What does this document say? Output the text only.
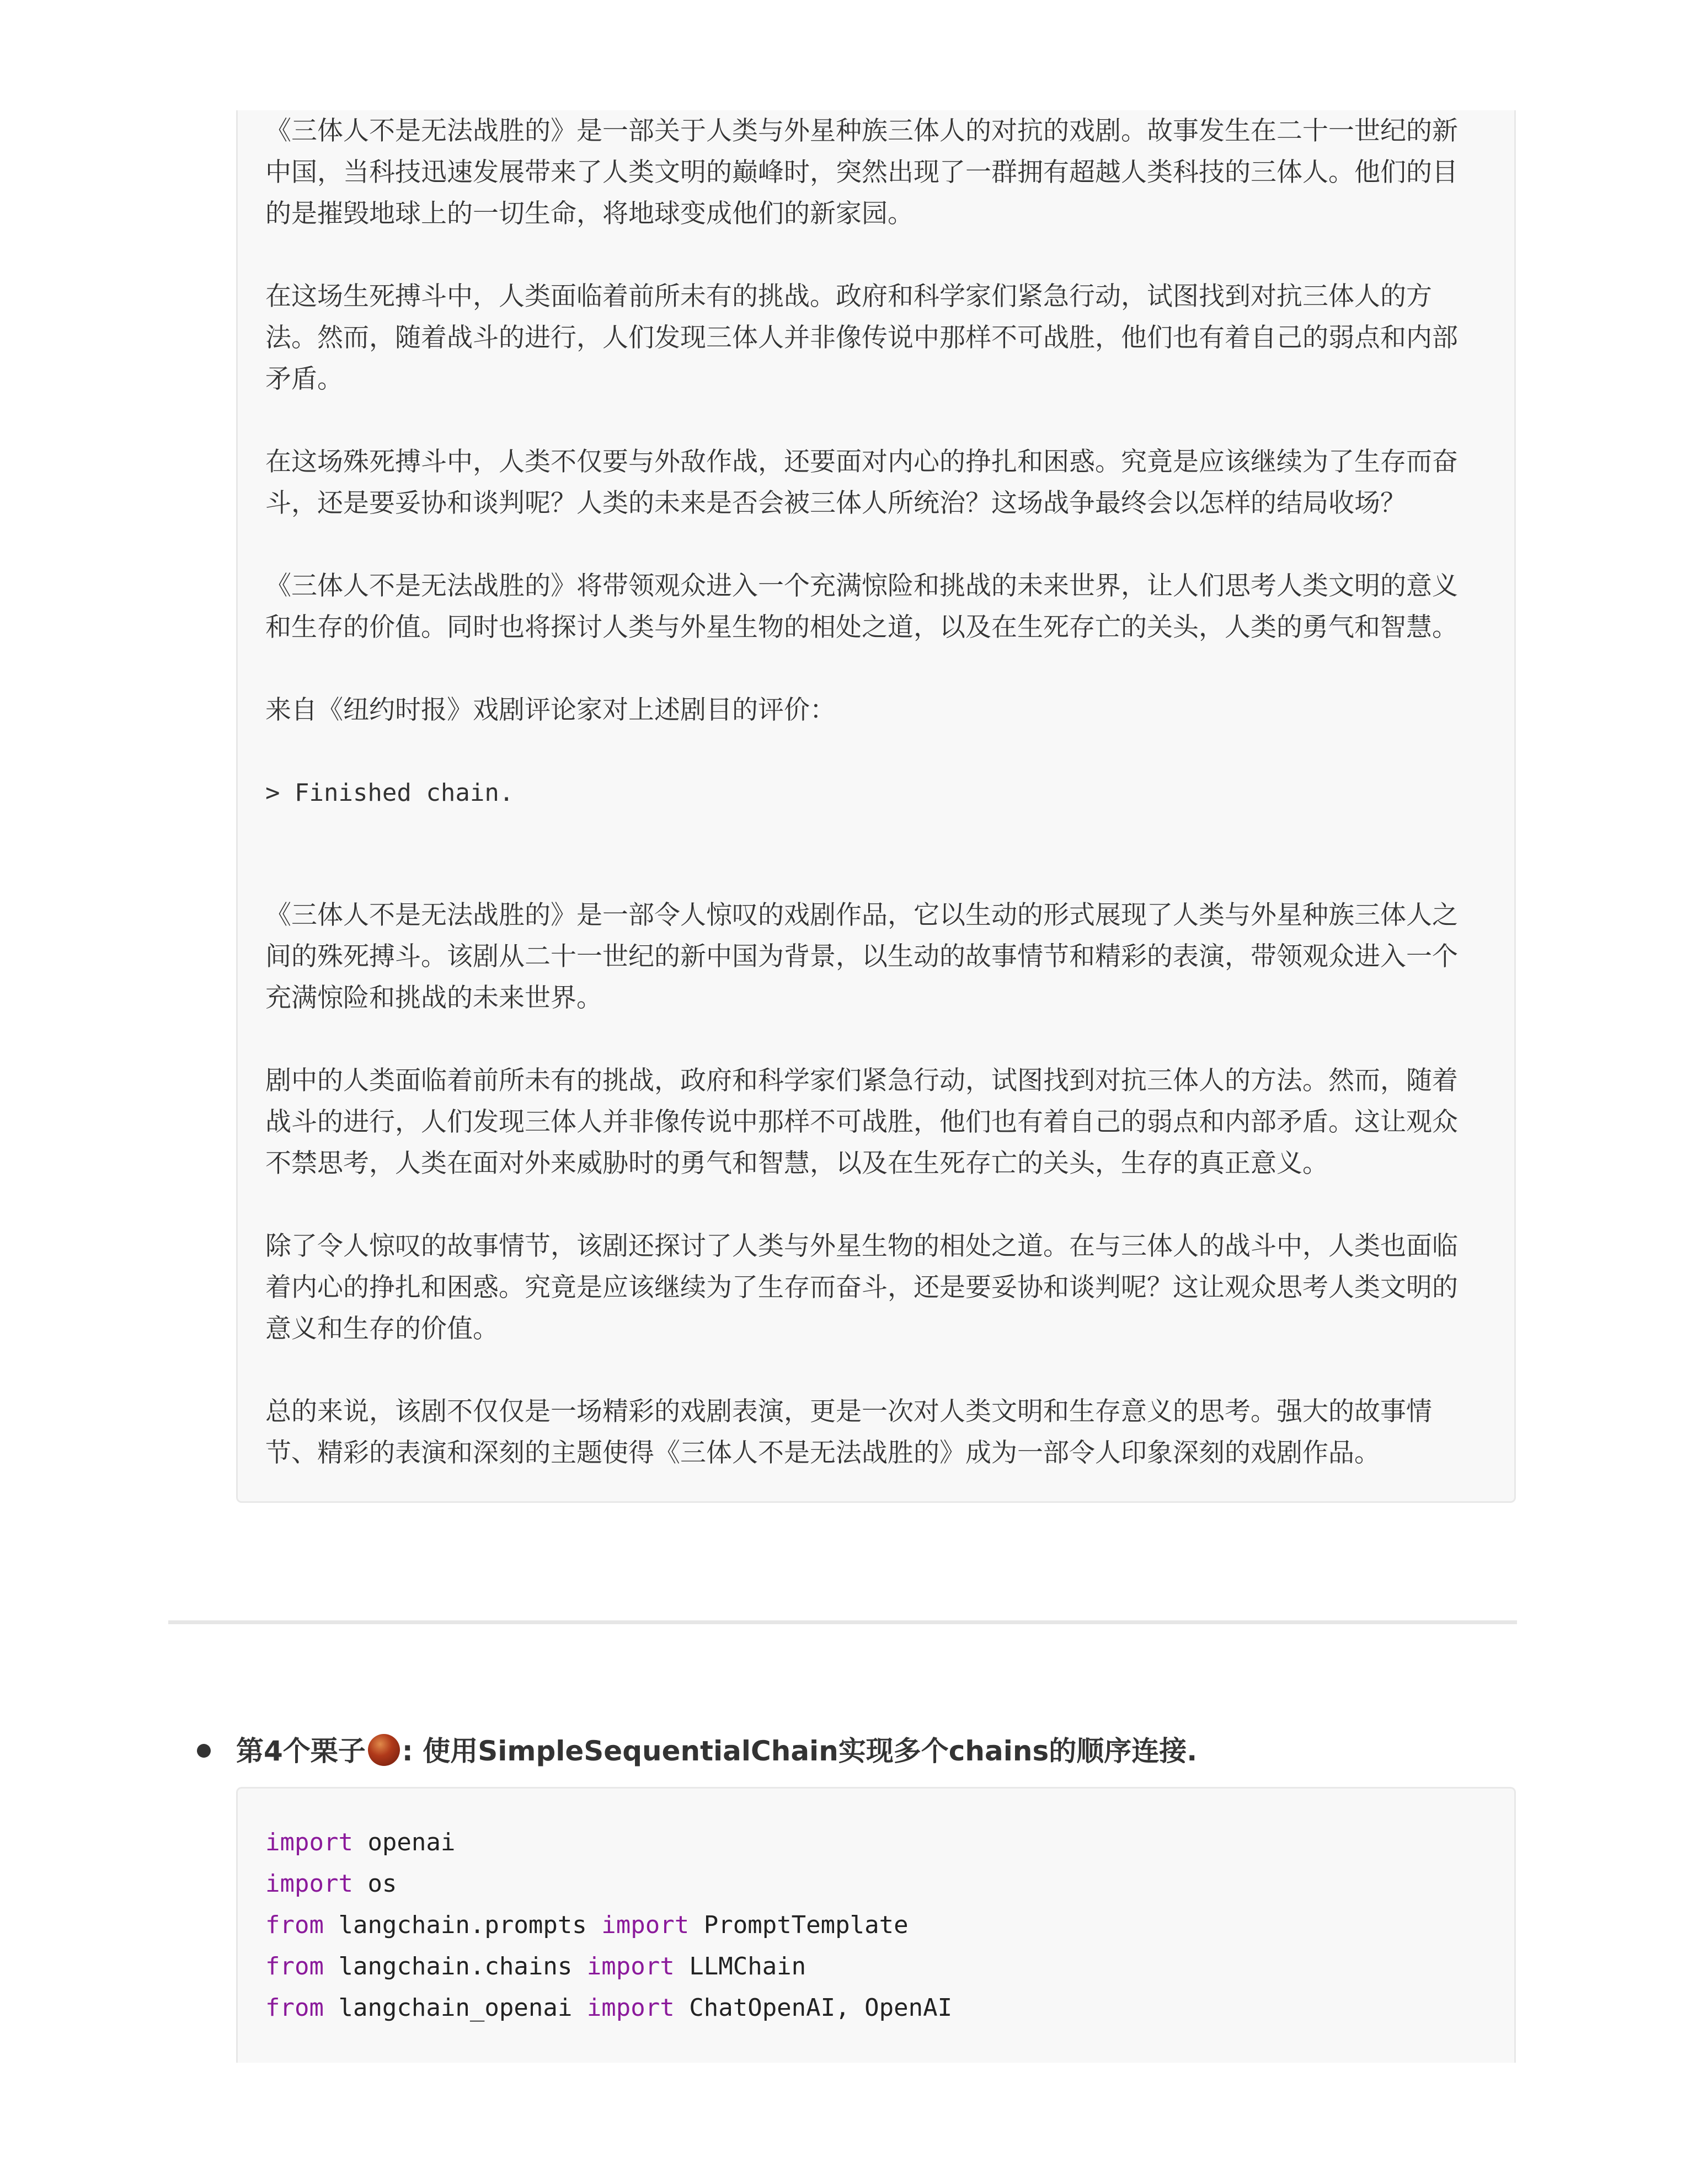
《三体人不是无法战胜的》是一部关于人类与外星种族三体人的对抗的戏剧。故事发生在二十一世纪的新
中国，当科技迅速发展带来了人类文明的巅峰时，突然出现了一群拥有超越人类科技的三体人。他们的目
的是摧毁地球上的一切生命，将地球变成他们的新家园。
在这场生死搏斗中，人类面临着前所未有的挑战。政府和科学家们紧急行动，试图找到对抗三体人的方
法。然而，随着战斗的进行，人们发现三体人并非像传说中那样不可战胜，他们也有着自己的弱点和内部
矛盾。
在这场殊死搏斗中，人类不仅要与外敌作战，还要面对内心的挣扎和困惑。究竟是应该继续为了生存而奋
斗，还是要妥协和谈判呢？人类的未来是否会被三体人所统治？这场战争最终会以怎样的结局收场？
《三体人不是无法战胜的》将带领观众进入一个充满惊险和挑战的未来世界，让人们思考人类文明的意义
和生存的价值。同时也将探讨人类与外星生物的相处之道，以及在生死存亡的关头，人类的勇气和智慧。
来自《纽约时报》戏剧评论家对上述剧目的评价：
> Finished chain.
《三体人不是无法战胜的》是一部令人惊叹的戏剧作品，它以生动的形式展现了人类与外星种族三体人之
间的殊死搏斗。该剧从二十一世纪的新中国为背景，以生动的故事情节和精彩的表演，带领观众进入一个
充满惊险和挑战的未来世界。
剧中的人类面临着前所未有的挑战，政府和科学家们紧急行动，试图找到对抗三体人的方法。然而，随着
战斗的进行，人们发现三体人并非像传说中那样不可战胜，他们也有着自己的弱点和内部矛盾。这让观众
不禁思考，人类在面对外来威胁时的勇气和智慧，以及在生死存亡的关头，生存的真正意义。
除了令人惊叹的故事情节，该剧还探讨了人类与外星生物的相处之道。在与三体人的战斗中，人类也面临
着内心的挣扎和困惑。究竟是应该继续为了生存而奋斗，还是要妥协和谈判呢？这让观众思考人类文明的
意义和生存的价值。
总的来说，该剧不仅仅是一场精彩的戏剧表演，更是一次对人类文明和生存意义的思考。强大的故事情
节、精彩的表演和深刻的主题使得《三体人不是无法战胜的》成为一部令人印象深刻的戏剧作品。
第4个栗子 : 使用SimpleSequentialChain实现多个chains的顺序连接.
import openai
import os
from langchain.prompts import PromptTemplate
from langchain.chains import LLMChain
from langchain_openai import ChatOpenAI, OpenAI
